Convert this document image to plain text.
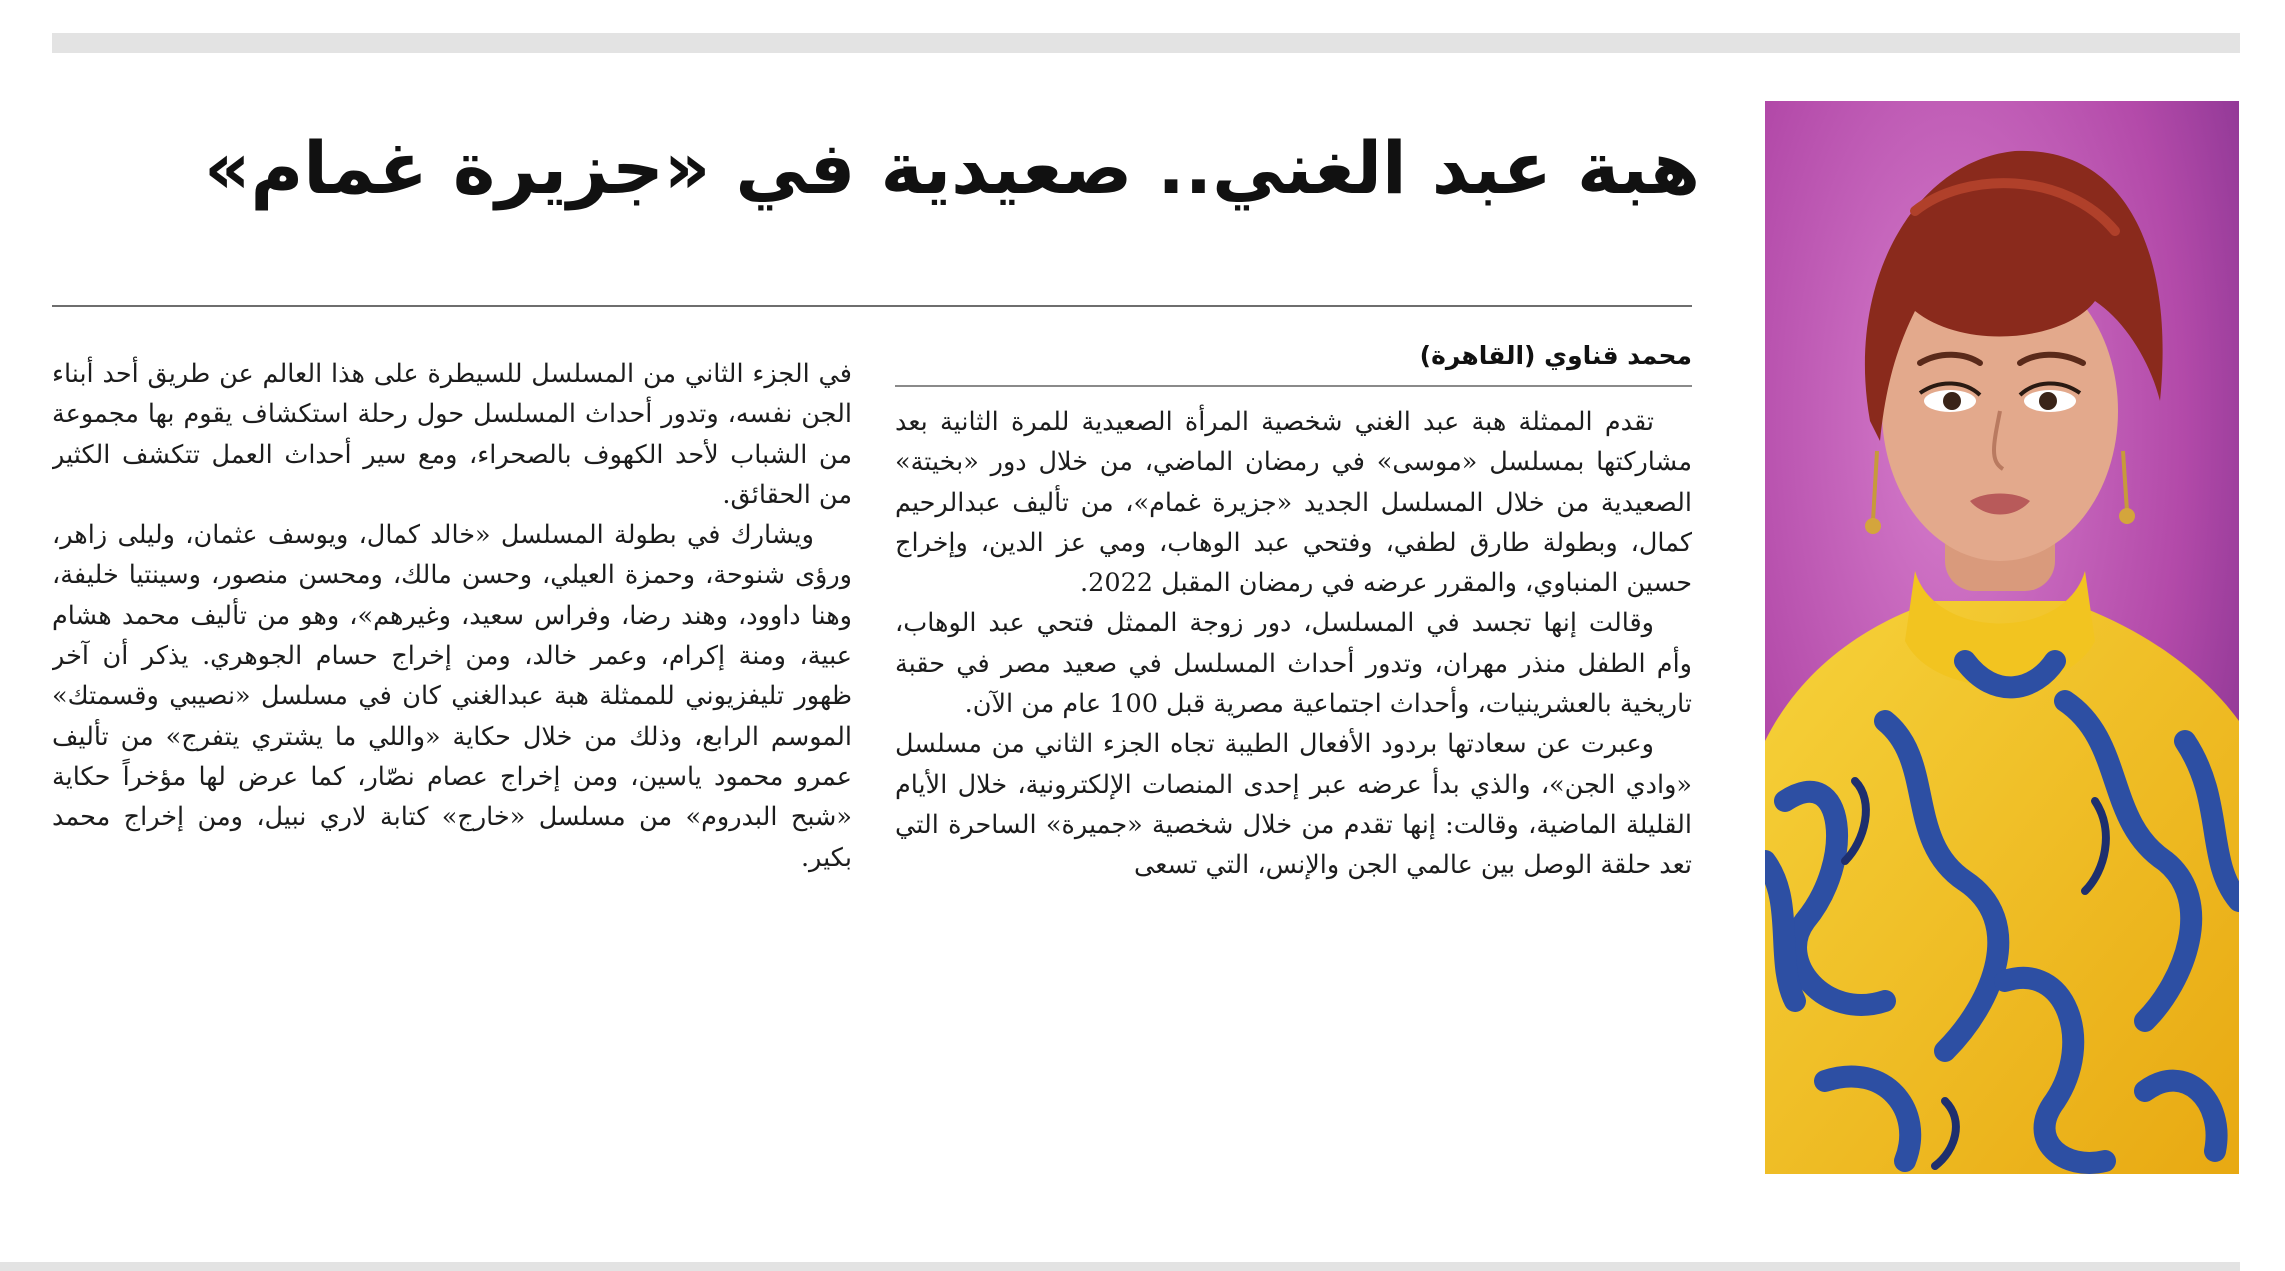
هبة عبد الغني.. صعيدية في «جزيرة غمام»
محمد قناوي (القاهرة)

تقدم الممثلة هبة عبد الغني شخصية المرأة الصعيدية للمرة الثانية بعد مشاركتها بمسلسل «موسى» في رمضان الماضي، من خلال دور «بخيتة» الصعيدية من خلال المسلسل الجديد «جزيرة غمام»، من تأليف عبدالرحيم كمال، وبطولة طارق لطفي، وفتحي عبد الوهاب، ومي عز الدين، وإخراج حسين المنباوي، والمقرر عرضه في رمضان المقبل 2022.

وقالت إنها تجسد في المسلسل، دور زوجة الممثل فتحي عبد الوهاب، وأم الطفل منذر مهران، وتدور أحداث المسلسل في صعيد مصر في حقبة تاريخية بالعشرينيات، وأحداث اجتماعية مصرية قبل 100 عام من الآن.

وعبرت عن سعادتها بردود الأفعال الطيبة تجاه الجزء الثاني من مسلسل «وادي الجن»، والذي بدأ عرضه عبر إحدى المنصات الإلكترونية، خلال الأيام القليلة الماضية، وقالت: إنها تقدم من خلال شخصية «جميرة» الساحرة التي تعد حلقة الوصل بين عالمي الجن والإنس، التي تسعى

في الجزء الثاني من المسلسل للسيطرة على هذا العالم عن طريق أحد أبناء الجن نفسه، وتدور أحداث المسلسل حول رحلة استكشاف يقوم بها مجموعة من الشباب لأحد الكهوف بالصحراء، ومع سير أحداث العمل تتكشف الكثير من الحقائق.

ويشارك في بطولة المسلسل «خالد كمال، ويوسف عثمان، وليلى زاهر، ورؤى شنوحة، وحمزة العيلي، وحسن مالك، ومحسن منصور، وسينتيا خليفة، وهنا داوود، وهند رضا، وفراس سعيد، وغيرهم»، وهو من تأليف محمد هشام عبية، ومنة إكرام، وعمر خالد، ومن إخراج حسام الجوهري. يذكر أن آخر ظهور تليفزيوني للممثلة هبة عبدالغني كان في مسلسل «نصيبي وقسمتك» الموسم الرابع، وذلك من خلال حكاية «واللي ما يشتري يتفرج» من تأليف عمرو محمود ياسين، ومن إخراج عصام نصّار، كما عرض لها مؤخراً حكاية «شبح البدروم» من مسلسل «خارج» كتابة لاري نبيل، ومن إخراج محمد بكير.
